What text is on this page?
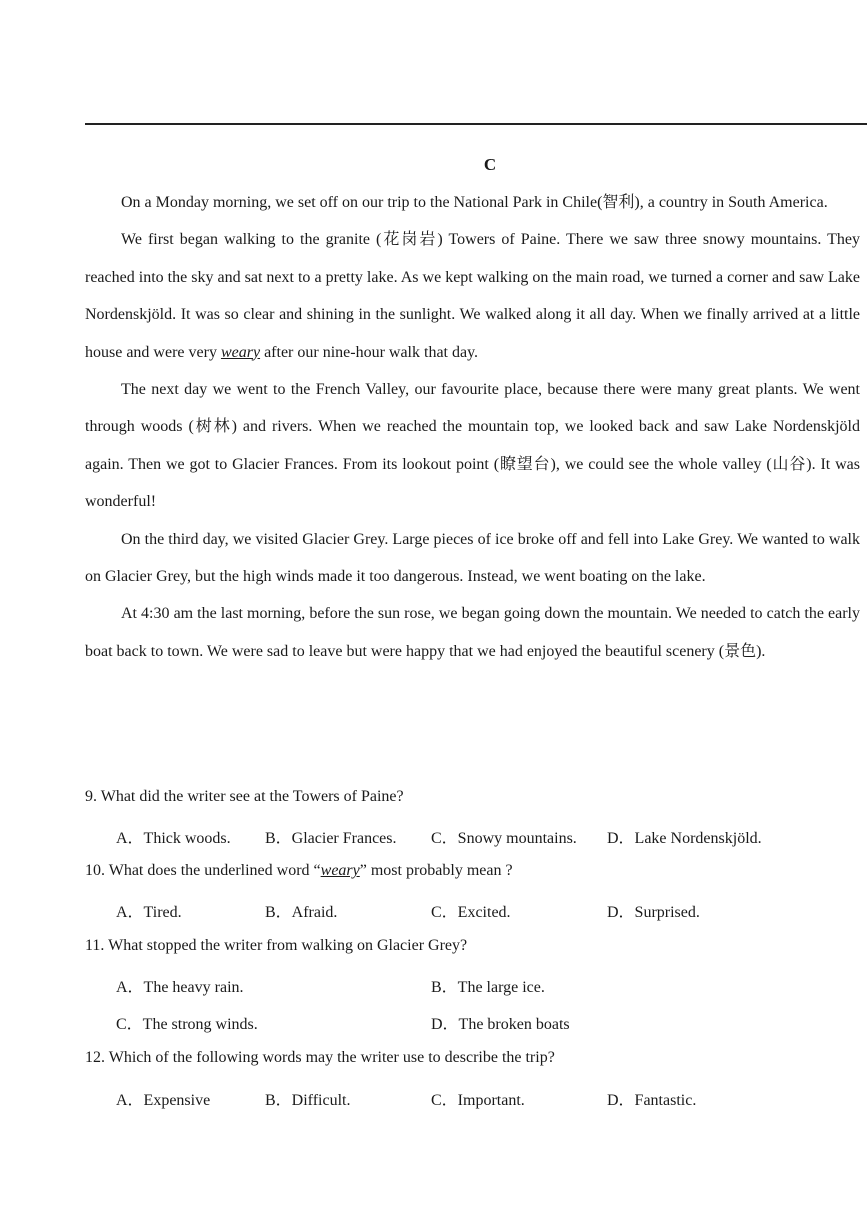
C

On a Monday morning, we set off on our trip to the National Park in Chile(智利), a country in South America.

We first began walking to the granite (花岗岩) Towers of Paine. There we saw three snowy mountains. They reached into the sky and sat next to a pretty lake. As we kept walking on the main road, we turned a corner and saw Lake Nordenskjöld. It was so clear and shining in the sunlight. We walked along it all day. When we finally arrived at a little house and were very weary after our nine-hour walk that day.

The next day we went to the French Valley, our favourite place, because there were many great plants. We went through woods (树林) and rivers. When we reached the mountain top, we looked back and saw Lake Nordenskjöld again. Then we got to Glacier Frances. From its lookout point (瞭望台), we could see the whole valley (山谷). It was wonderful!

On the third day, we visited Glacier Grey. Large pieces of ice broke off and fell into Lake Grey. We wanted to walk on Glacier Grey, but the high winds made it too dangerous. Instead, we went boating on the lake.

At 4:30 am the last morning, before the sun rose, we began going down the mountain. We needed to catch the early boat back to town. We were sad to leave but were happy that we had enjoyed the beautiful scenery (景色).

9. What did the writer see at the Towers of Paine?
A．Thick woods. B．Glacier Frances. C．Snowy mountains. D．Lake Nordenskjöld.
10. What does the underlined word “weary” most probably mean ?
A．Tired.	B．Afraid.	C．Excited.	D．Surprised.
11. What stopped the writer from walking on Glacier Grey?
A．The heavy rain.	B．The large ice.
C．The strong winds.	D．The broken boats
12. Which of the following words may the writer use to describe the trip?
A．Expensive	B．Difficult.	C．Important.	D．Fantastic.
